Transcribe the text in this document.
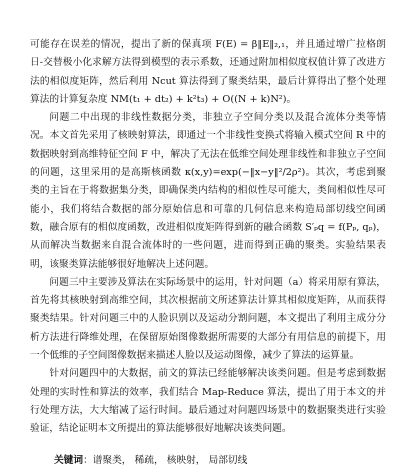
可能存在误差的情况，提出了新的保真项 F(E) = β‖E‖₂,₁，并且通过增广拉格朗日-交替极小化求解方法得到模型的表示系数，还通过附加相似度权值计算了改进方法的相似度矩阵，然后利用 Ncut 算法得到了聚类结果，最后计算得出了整个处理算法的计算复杂度 NM(t₁ + dt₂) + k²t₃) + O((N + k)N²)。

问题二中出现的非线性数据分类，非独立子空间分类以及混合流体分类等情况。本文首先采用了核映射算法，即通过一个非线性变换式将输入模式空间 R 中的数据映射到高维特征空间 F 中，解决了无法在低维空间处理非线性和非独立子空间的问题，这里采用的是高斯核函数 κ(x,y)=exp(−‖x−y‖²/2ρ²)。其次，考虑到聚类的主旨在于将数据集分类，即确保类内结构的相似性尽可能大，类间相似性尽可能小，我们将结合数据的部分原始信息和可靠的几何信息来构造局部切线空间函数，融合原有的相似度函数，改进相似度矩阵得到新的融合函数 S′ₚq = f(Pₚ, qₚ)，从而解决当数据来自混合流体时的一些问题，进而得到正确的聚类。实验结果表明，该聚类算法能够很好地解决上述问题。

问题三中主要涉及算法在实际场景中的运用，针对问题（a）将采用原有算法，首先将其核映射到高维空间，其次根据前文所述算法计算其相似度矩阵，从而获得聚类结果。针对问题三中的人脸识别以及运动分割问题，本文提出了利用主成分分析方法进行降维处理，在保留原始图像数据所需要的大部分有用信息的前提下，用一个低维的子空间图像数据来描述人脸以及运动图像，减少了算法的运算量。

针对问题四中的大数据，前文的算法已经能够解决该类问题。但是考虑到数据处理的实时性和算法的效率，我们结合 Map-Reduce 算法，提出了用于本文的并行处理方法，大大缩减了运行时间。最后通过对问题四场景中的数据聚类进行实验验证，结论证明本文所提出的算法能够很好地解决该类问题。

关键词：谱聚类， 稀疏， 核映射， 局部切线
